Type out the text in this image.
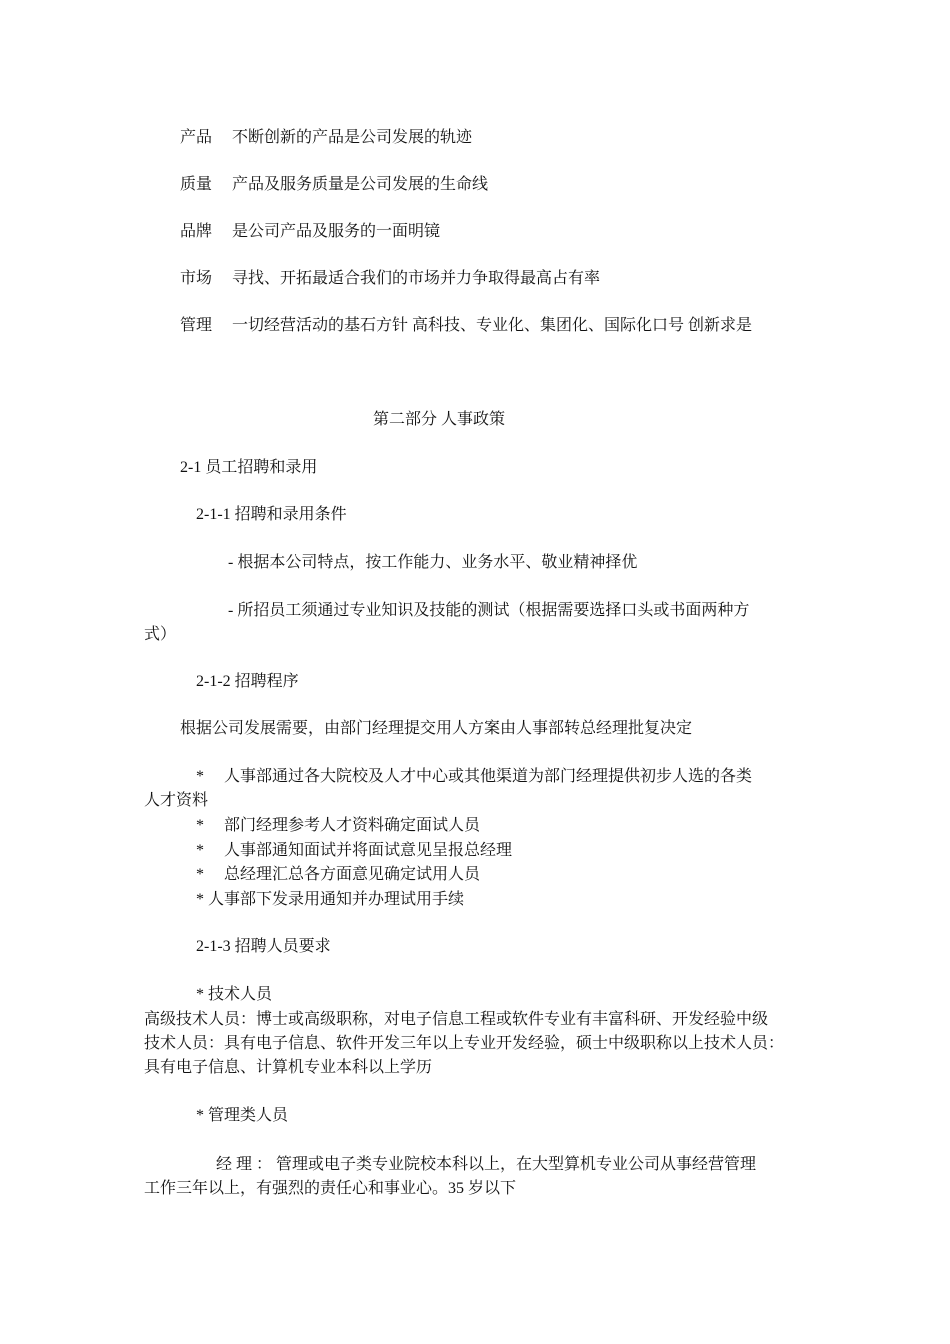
产品 不断创新的产品是公司发展的轨迹
质量 产品及服务质量是公司发展的生命线
品牌 是公司产品及服务的一面明镜
市场 寻找、开拓最适合我们的市场并力争取得最高占有率
管理 一切经营活动的基石方针 高科技、专业化、集团化、国际化口号 创新求是
第二部分 人事政策
2-1 员工招聘和录用
2-1-1 招聘和录用条件
- 根据本公司特点，按工作能力、业务水平、敬业精神择优
- 所招员工须通过专业知识及技能的测试（根据需要选择口头或书面两种方
式）
2-1-2 招聘程序
根据公司发展需要，由部门经理提交用人方案由人事部转总经理批复决定
* 人事部通过各大院校及人才中心或其他渠道为部门经理提供初步人选的各类
人才资料
* 部门经理参考人才资料确定面试人员
* 人事部通知面试并将面试意见呈报总经理
* 总经理汇总各方面意见确定试用人员
* 人事部下发录用通知并办理试用手续
2-1-3 招聘人员要求
* 技术人员
高级技术人员：博士或高级职称，对电子信息工程或软件专业有丰富科研、开发经验中级
技术人员：具有电子信息、软件开发三年以上专业开发经验，硕士中级职称以上技术人员：
具有电子信息、计算机专业本科以上学历
* 管理类人员
经 理 ： 管理或电子类专业院校本科以上，在大型算机专业公司从事经营管理
工作三年以上，有强烈的责任心和事业心。35 岁以下
